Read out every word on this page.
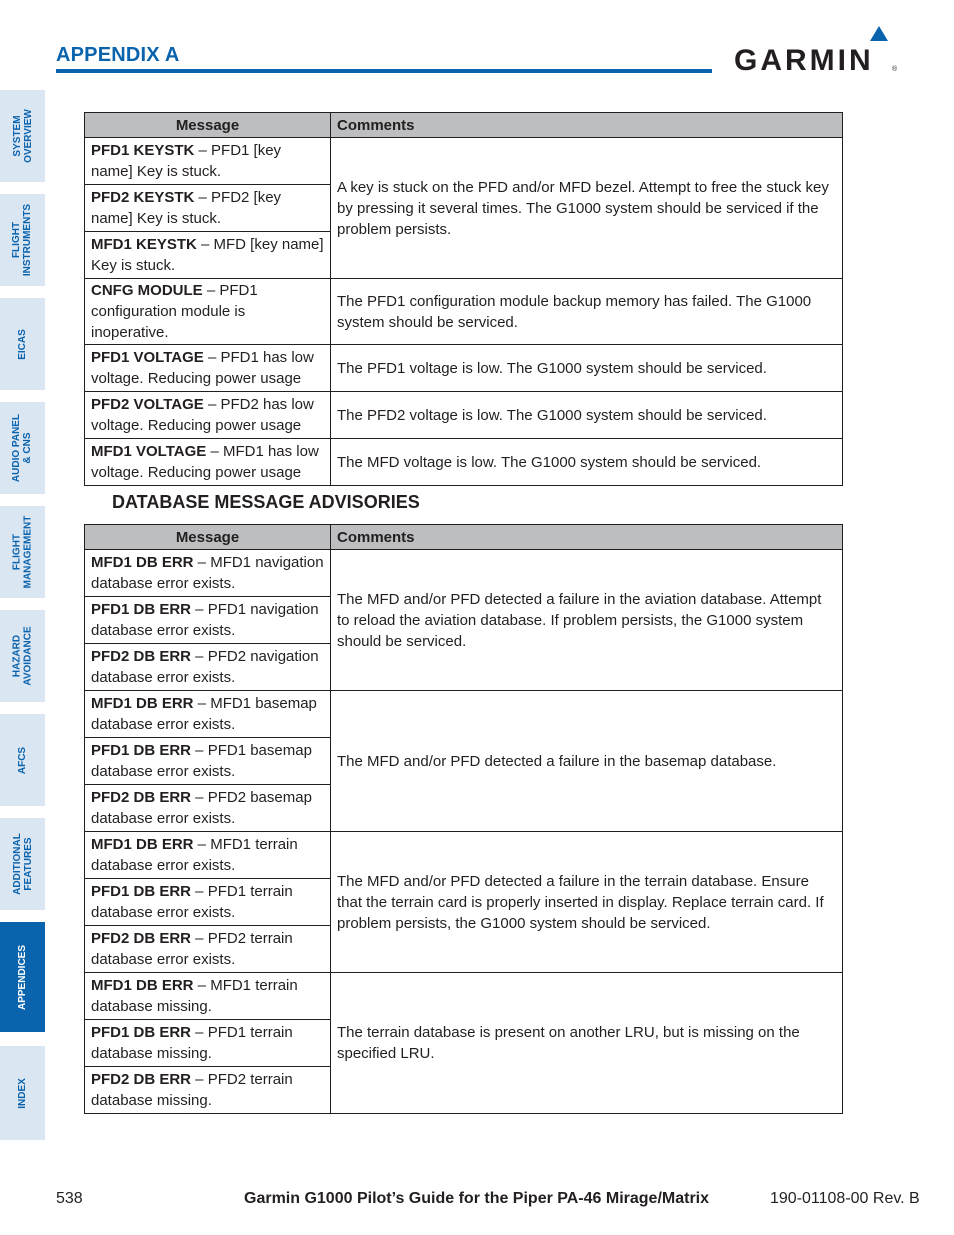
APPENDIX A	GARMIN	®
SYSTEM
OVERVIEW
FLIGHT
INSTRUMENTS
EICAS
AUDIO PANEL
& CNS
FLIGHT
MANAGEMENT
HAZARD
AVOIDANCE
AFCS
ADDITIONAL
FEATURES
APPENDICES
INDEX
Message	Comments
PFD1 KEYSTK – PFD1 [key name] Key is stuck.	A key is stuck on the PFD and/or MFD bezel. Attempt to free the stuck key by pressing it several times. The G1000 system should be serviced if the problem persists.
PFD2 KEYSTK – PFD2 [key name] Key is stuck.	
MFD1 KEYSTK – MFD [key name] Key is stuck.	
CNFG MODULE – PFD1 configuration module is inoperative.	The PFD1 configuration module backup memory has failed. The G1000 system should be serviced.
PFD1 VOLTAGE – PFD1 has low voltage. Reducing power usage	The PFD1 voltage is low. The G1000 system should be serviced.
PFD2 VOLTAGE – PFD2 has low voltage. Reducing power usage	The PFD2 voltage is low. The G1000 system should be serviced.
MFD1 VOLTAGE – MFD1 has low voltage. Reducing power usage	The MFD voltage is low. The G1000 system should be serviced.
DATABASE MESSAGE ADVISORIES
Message	Comments
MFD1 DB ERR – MFD1 navigation database error exists.	The MFD and/or PFD detected a failure in the aviation database. Attempt to reload the aviation database. If problem persists, the G1000 system should be serviced.
PFD1 DB ERR – PFD1 navigation database error exists.	
PFD2 DB ERR – PFD2 navigation database error exists.	
MFD1 DB ERR – MFD1 basemap database error exists.	The MFD and/or PFD detected a failure in the basemap database.
PFD1 DB ERR – PFD1 basemap database error exists.	
PFD2 DB ERR – PFD2 basemap database error exists.	
MFD1 DB ERR – MFD1 terrain database error exists.	The MFD and/or PFD detected a failure in the terrain database. Ensure that the terrain card is properly inserted in display. Replace terrain card. If problem persists, the G1000 system should be serviced.
PFD1 DB ERR – PFD1 terrain database error exists.	
PFD2 DB ERR – PFD2 terrain database error exists.	
MFD1 DB ERR – MFD1 terrain database missing.	The terrain database is present on another LRU, but is missing on the specified LRU.
PFD1 DB ERR – PFD1 terrain database missing.	
PFD2 DB ERR – PFD2 terrain database missing.	
538	Garmin G1000 Pilot’s Guide for the Piper PA-46 Mirage/Matrix	190-01108-00 Rev. B
